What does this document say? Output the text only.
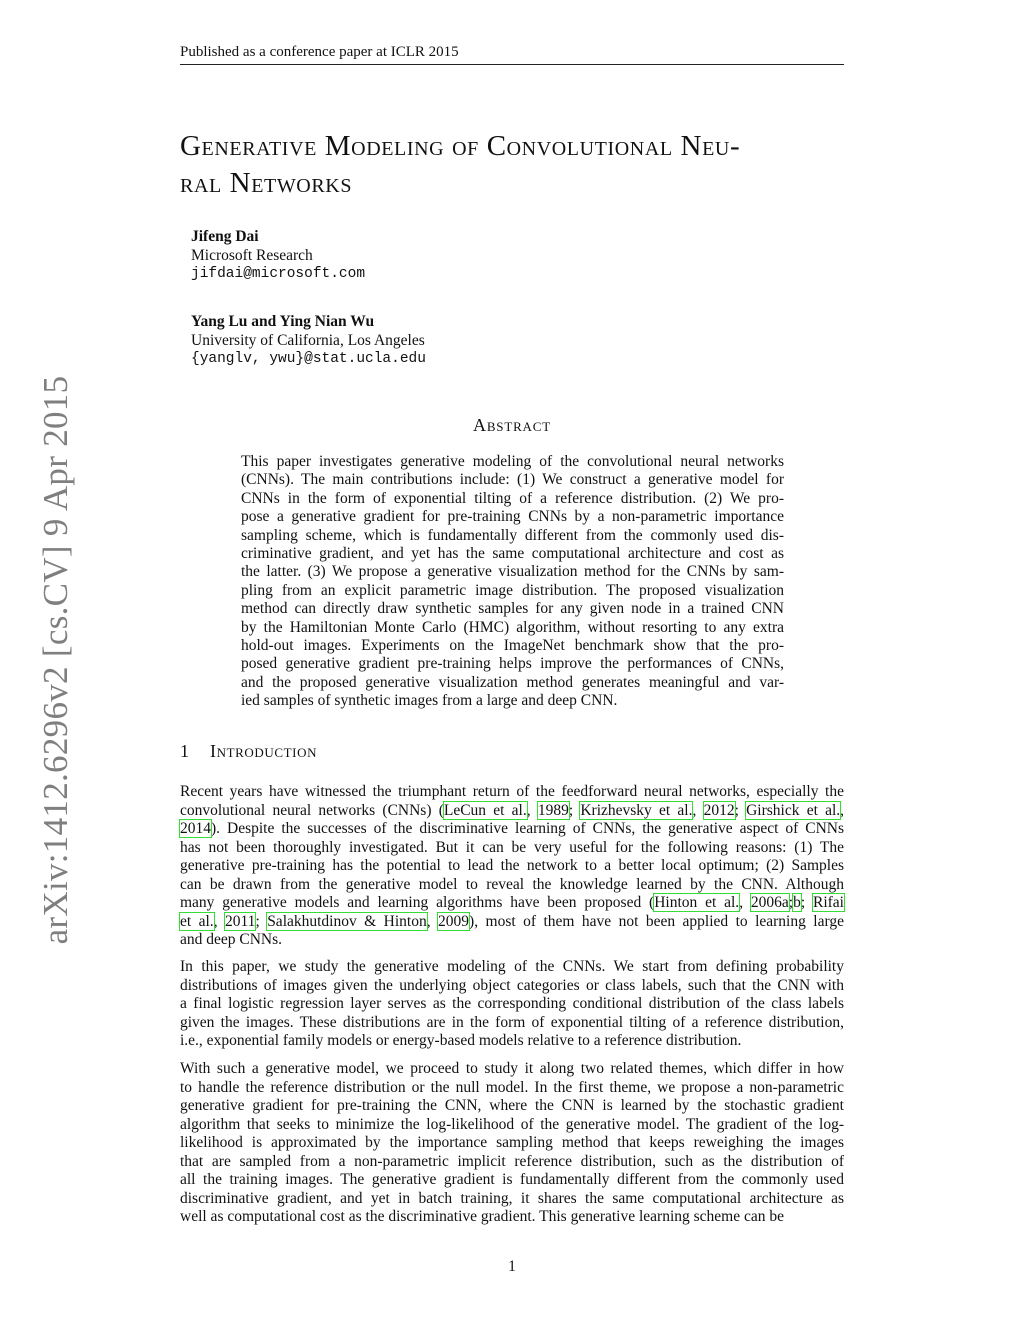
Published as a conference paper at ICLR 2015
arXiv:1412.6296v2 [cs.CV] 9 Apr 2015
Generative Modeling of Convolutional Neu-
ral Networks
Jifeng Dai
Microsoft Research
jifdai@microsoft.com
Yang Lu and Ying Nian Wu
University of California, Los Angeles
{yanglv, ywu}@stat.ucla.edu
Abstract
This paper investigates generative modeling of the convolutional neural networks
(CNNs). The main contributions include: (1) We construct a generative model for
CNNs in the form of exponential tilting of a reference distribution. (2) We pro-
pose a generative gradient for pre-training CNNs by a non-parametric importance
sampling scheme, which is fundamentally different from the commonly used dis-
criminative gradient, and yet has the same computational architecture and cost as
the latter. (3) We propose a generative visualization method for the CNNs by sam-
pling from an explicit parametric image distribution. The proposed visualization
method can directly draw synthetic samples for any given node in a trained CNN
by the Hamiltonian Monte Carlo (HMC) algorithm, without resorting to any extra
hold-out images. Experiments on the ImageNet benchmark show that the pro-
posed generative gradient pre-training helps improve the performances of CNNs,
and the proposed generative visualization method generates meaningful and var-
ied samples of synthetic images from a large and deep CNN.
1 Introduction
Recent years have witnessed the triumphant return of the feedforward neural networks, especially the
convolutional neural networks (CNNs) (LeCun et al., 1989; Krizhevsky et al., 2012; Girshick et al.,
2014). Despite the successes of the discriminative learning of CNNs, the generative aspect of CNNs
has not been thoroughly investigated. But it can be very useful for the following reasons: (1) The
generative pre-training has the potential to lead the network to a better local optimum; (2) Samples
can be drawn from the generative model to reveal the knowledge learned by the CNN. Although
many generative models and learning algorithms have been proposed (Hinton et al., 2006a;b; Rifai
et al., 2011; Salakhutdinov & Hinton, 2009), most of them have not been applied to learning large
and deep CNNs.
In this paper, we study the generative modeling of the CNNs. We start from defining probability
distributions of images given the underlying object categories or class labels, such that the CNN with
a final logistic regression layer serves as the corresponding conditional distribution of the class labels
given the images. These distributions are in the form of exponential tilting of a reference distribution,
i.e., exponential family models or energy-based models relative to a reference distribution.
With such a generative model, we proceed to study it along two related themes, which differ in how
to handle the reference distribution or the null model. In the first theme, we propose a non-parametric
generative gradient for pre-training the CNN, where the CNN is learned by the stochastic gradient
algorithm that seeks to minimize the log-likelihood of the generative model. The gradient of the log-
likelihood is approximated by the importance sampling method that keeps reweighing the images
that are sampled from a non-parametric implicit reference distribution, such as the distribution of
all the training images. The generative gradient is fundamentally different from the commonly used
discriminative gradient, and yet in batch training, it shares the same computational architecture as
well as computational cost as the discriminative gradient. This generative learning scheme can be
1
